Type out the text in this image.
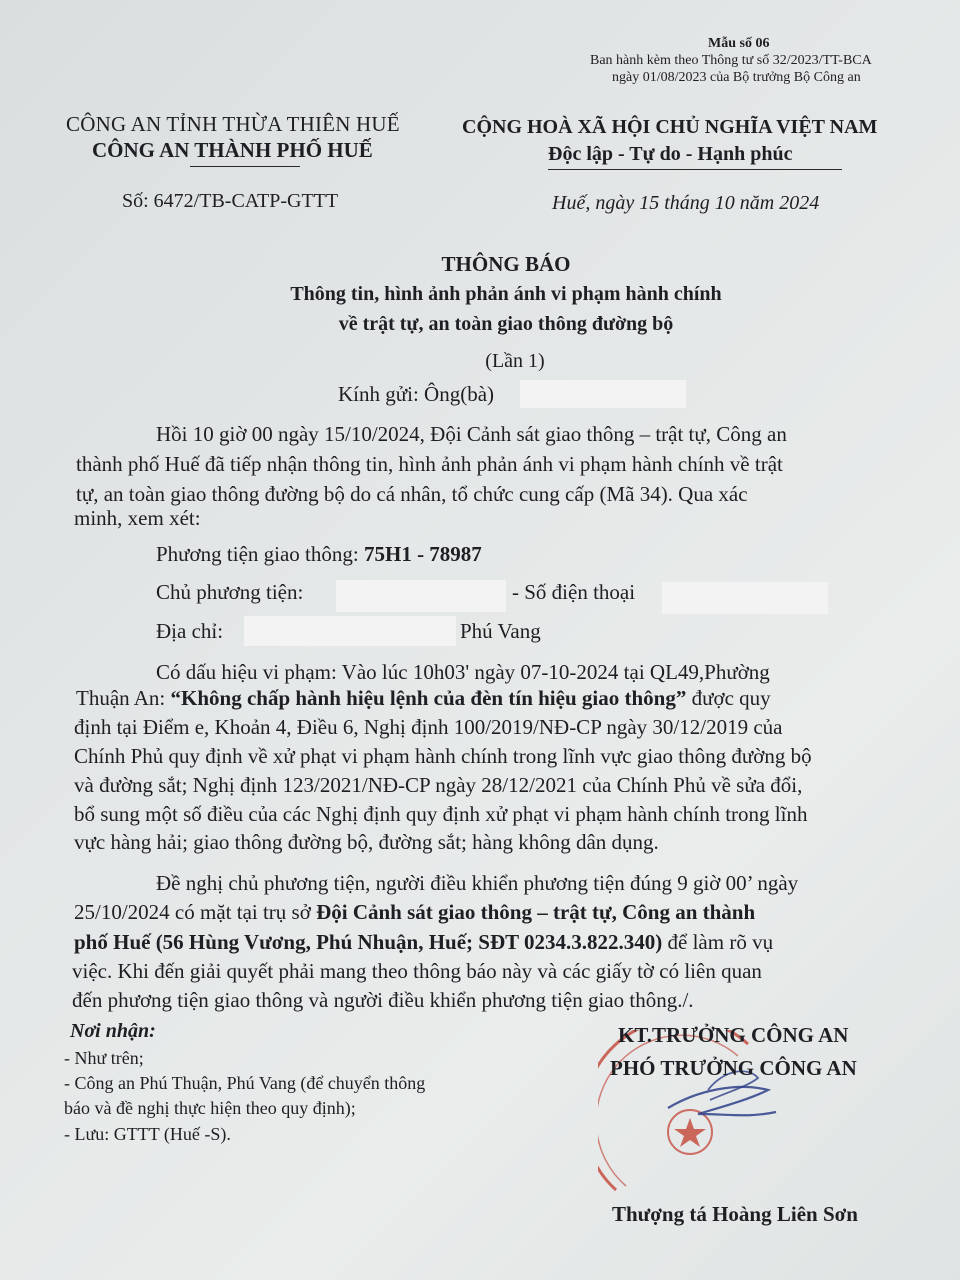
Mẫu số 06
Ban hành kèm theo Thông tư số 32/2023/TT-BCA
ngày 01/08/2023 của Bộ trưởng Bộ Công an
CÔNG AN TỈNH THỪA THIÊN HUẾ
CÔNG AN THÀNH PHỐ HUẾ
Số: 6472/TB-CATP-GTTT
CỘNG HOÀ XÃ HỘI CHỦ NGHĨA VIỆT NAM
Độc lập - Tự do - Hạnh phúc
Huế, ngày 15 tháng 10 năm 2024
THÔNG BÁO
Thông tin, hình ảnh phản ánh vi phạm hành chính
về trật tự, an toàn giao thông đường bộ
(Lần 1)
Kính gửi: Ông(bà)
Hồi 10 giờ 00 ngày 15/10/2024, Đội Cảnh sát giao thông – trật tự, Công an
thành phố Huế đã tiếp nhận thông tin, hình ảnh phản ánh vi phạm hành chính về trật
tự, an toàn giao thông đường bộ do cá nhân, tổ chức cung cấp (Mã 34). Qua xác
minh, xem xét:
Phương tiện giao thông: 75H1 - 78987
Chủ phương tiện:	- Số điện thoại
Địa chỉ:	Phú Vang
Có dấu hiệu vi phạm: Vào lúc 10h03' ngày 07-10-2024 tại QL49,Phường
Thuận An: “Không chấp hành hiệu lệnh của đèn tín hiệu giao thông” được quy
định tại Điểm e, Khoản 4, Điều 6, Nghị định 100/2019/NĐ-CP ngày 30/12/2019 của
Chính Phủ quy định về xử phạt vi phạm hành chính trong lĩnh vực giao thông đường bộ
và đường sắt; Nghị định 123/2021/NĐ-CP ngày 28/12/2021 của Chính Phủ về sửa đổi,
bổ sung một số điều của các Nghị định quy định xử phạt vi phạm hành chính trong lĩnh
vực hàng hải; giao thông đường bộ, đường sắt; hàng không dân dụng.
Đề nghị chủ phương tiện, người điều khiển phương tiện đúng 9 giờ 00’ ngày
25/10/2024 có mặt tại trụ sở Đội Cảnh sát giao thông – trật tự, Công an thành
phố Huế (56 Hùng Vương, Phú Nhuận, Huế; SĐT 0234.3.822.340) để làm rõ vụ
việc. Khi đến giải quyết phải mang theo thông báo này và các giấy tờ có liên quan
đến phương tiện giao thông và người điều khiển phương tiện giao thông./.
Nơi nhận:
- Như trên;
- Công an Phú Thuận, Phú Vang (để chuyển thông
báo và đề nghị thực hiện theo quy định);
- Lưu: GTTT (Huế -S).
KT.TRƯỞNG CÔNG AN
PHÓ TRƯỞNG CÔNG AN
Thượng tá Hoàng Liên Sơn
